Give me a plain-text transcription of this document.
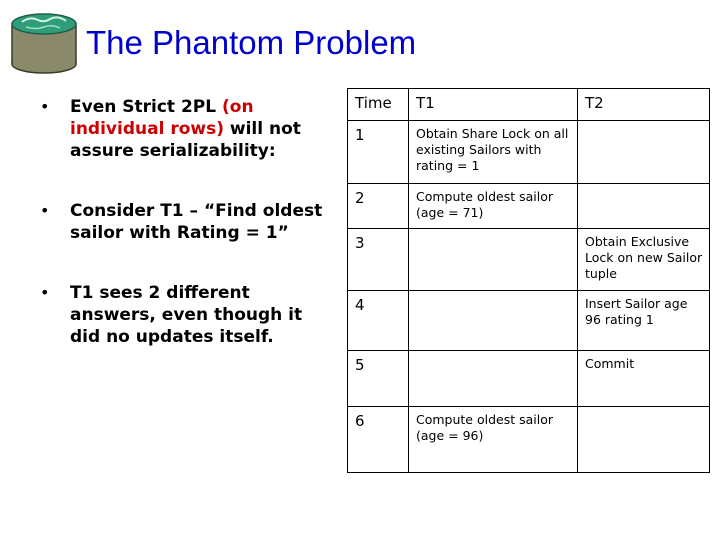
The Phantom Problem
• Even Strict 2PL (on individual rows) will not assure serializability:
• Consider T1 – “Find oldest sailor with Rating = 1”
• T1 sees 2 different answers, even though it did no updates itself.
Time	T1	T2
1	Obtain Share Lock on all existing Sailors with rating = 1	
2	Compute oldest sailor (age = 71)	
3		Obtain Exclusive Lock on new Sailor tuple
4		Insert Sailor age 96 rating 1
5		Commit
6	Compute oldest sailor (age = 96)	
